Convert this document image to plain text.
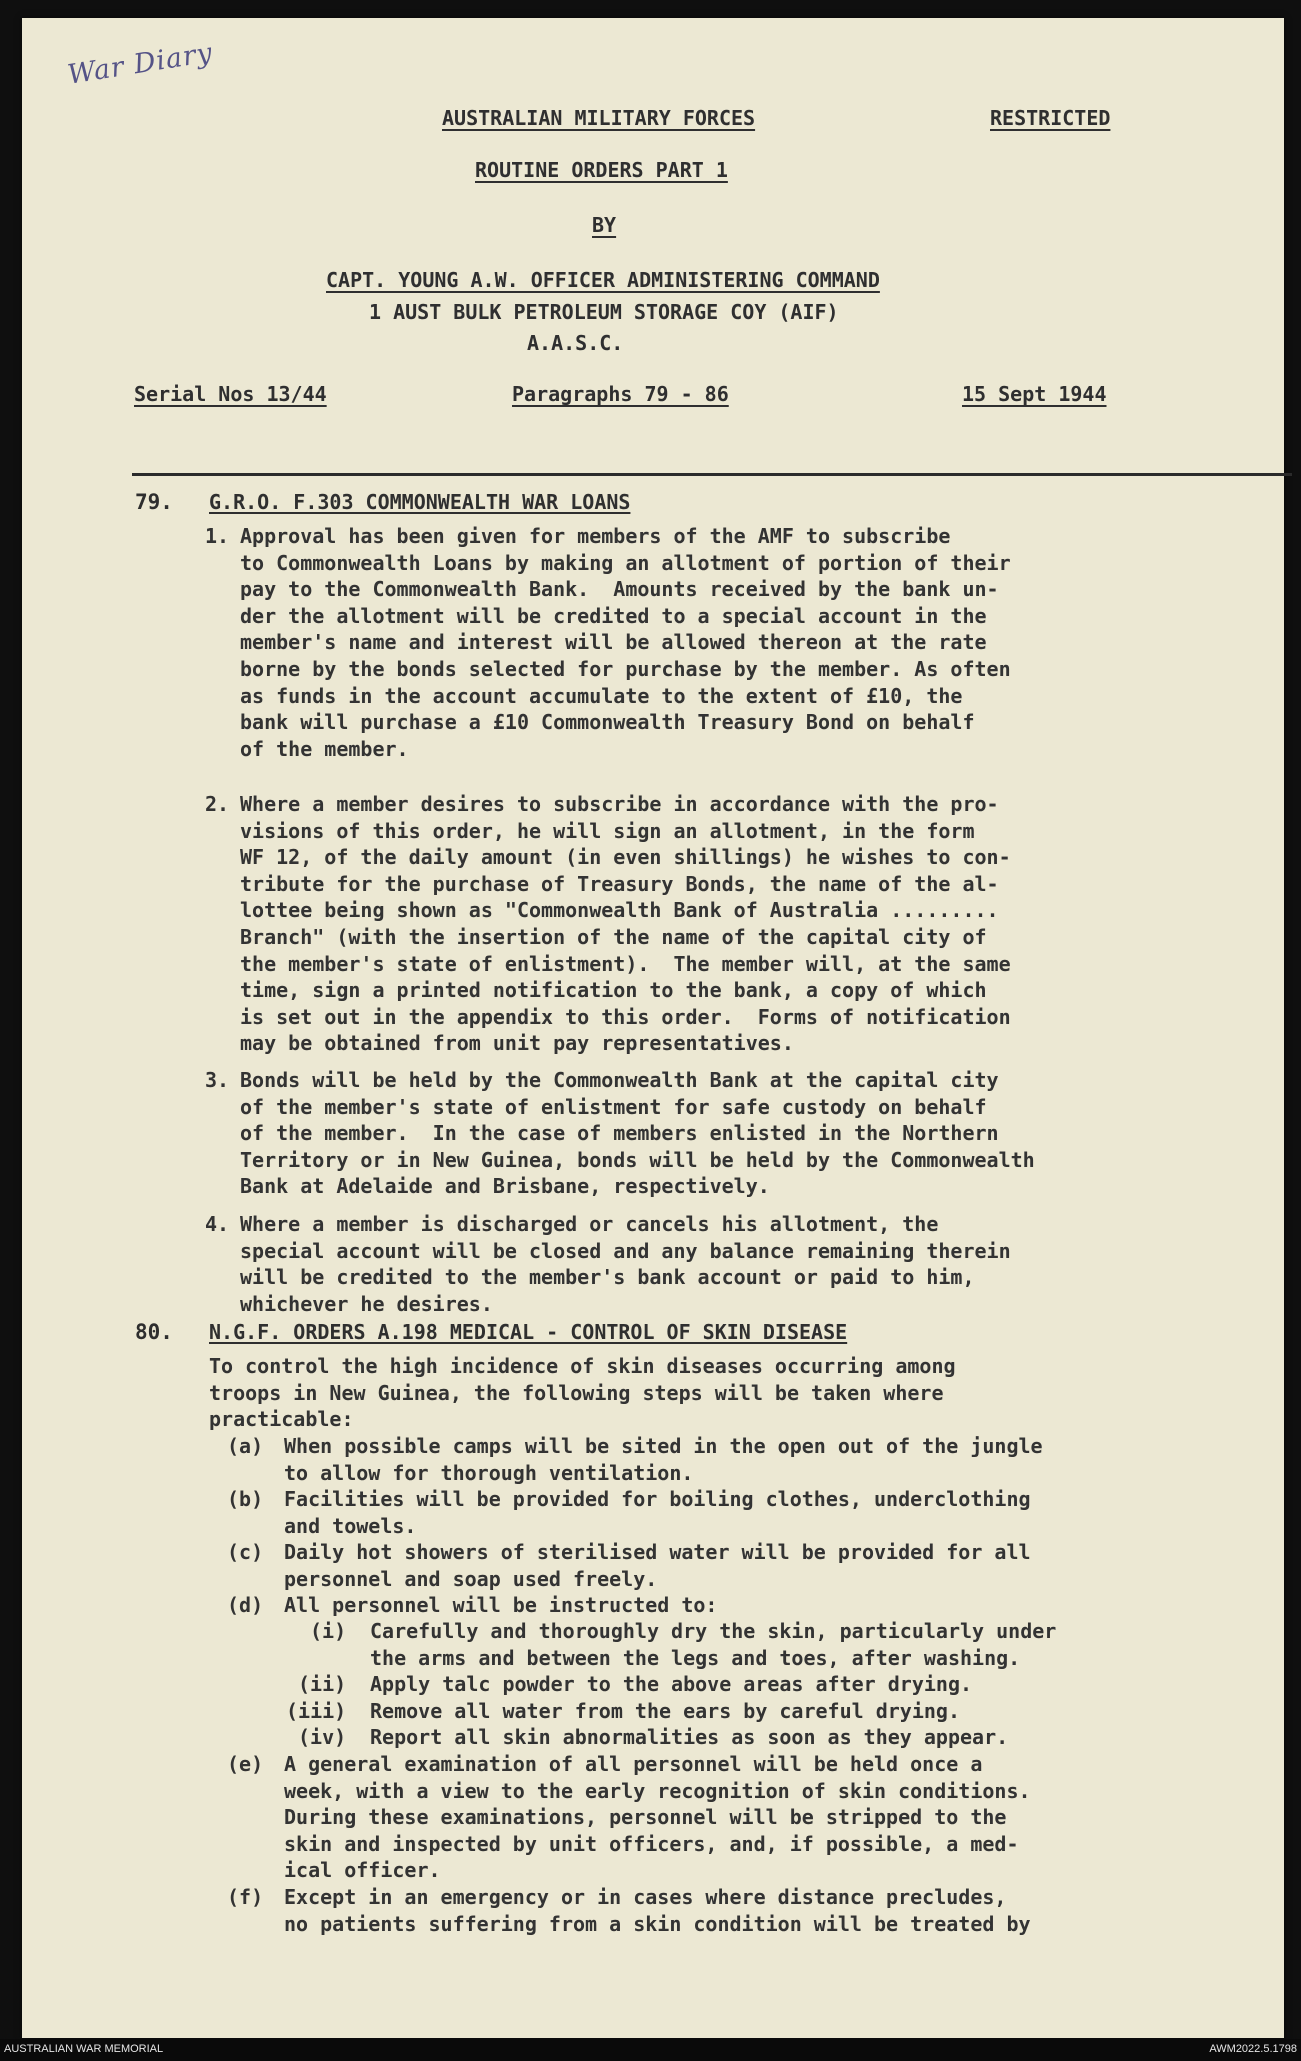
War Diary
AUSTRALIAN MILITARY FORCES	RESTRICTED
ROUTINE ORDERS PART 1
BY
CAPT. YOUNG A.W. OFFICER ADMINISTERING COMMAND
1 AUST BULK PETROLEUM STORAGE COY (AIF)
A.A.S.C.
Serial Nos 13/44	Paragraphs 79 - 86	15 Sept 1944
79. G.R.O. F.303 COMMONWEALTH WAR LOANS
1. Approval has been given for members of the AMF to subscribe
to Commonwealth Loans by making an allotment of portion of their
pay to the Commonwealth Bank.  Amounts received by the bank un-
der the allotment will be credited to a special account in the
member's name and interest will be allowed thereon at the rate
borne by the bonds selected for purchase by the member. As often
as funds in the account accumulate to the extent of £10, the
bank will purchase a £10 Commonwealth Treasury Bond on behalf
of the member.
2. Where a member desires to subscribe in accordance with the pro-
visions of this order, he will sign an allotment, in the form
WF 12, of the daily amount (in even shillings) he wishes to con-
tribute for the purchase of Treasury Bonds, the name of the al-
lottee being shown as "Commonwealth Bank of Australia .........
Branch" (with the insertion of the name of the capital city of
the member's state of enlistment).  The member will, at the same
time, sign a printed notification to the bank, a copy of which
is set out in the appendix to this order.  Forms of notification
may be obtained from unit pay representatives.
3. Bonds will be held by the Commonwealth Bank at the capital city
of the member's state of enlistment for safe custody on behalf
of the member.  In the case of members enlisted in the Northern
Territory or in New Guinea, bonds will be held by the Commonwealth
Bank at Adelaide and Brisbane, respectively.
4. Where a member is discharged or cancels his allotment, the
special account will be closed and any balance remaining therein
will be credited to the member's bank account or paid to him,
whichever he desires.
80. N.G.F. ORDERS A.198 MEDICAL - CONTROL OF SKIN DISEASE
To control the high incidence of skin diseases occurring among
troops in New Guinea, the following steps will be taken where
practicable:
(a) When possible camps will be sited in the open out of the jungle
to allow for thorough ventilation.
(b) Facilities will be provided for boiling clothes, underclothing
and towels.
(c) Daily hot showers of sterilised water will be provided for all
personnel and soap used freely.
(d) All personnel will be instructed to:
(i) Carefully and thoroughly dry the skin, particularly under
the arms and between the legs and toes, after washing.
(ii) Apply talc powder to the above areas after drying.
(iii) Remove all water from the ears by careful drying.
(iv) Report all skin abnormalities as soon as they appear.
(e) A general examination of all personnel will be held once a
week, with a view to the early recognition of skin conditions.
During these examinations, personnel will be stripped to the
skin and inspected by unit officers, and, if possible, a med-
ical officer.
(f) Except in an emergency or in cases where distance precludes,
no patients suffering from a skin condition will be treated by
AUSTRALIAN WAR MEMORIAL	AWM2022.5.1798
